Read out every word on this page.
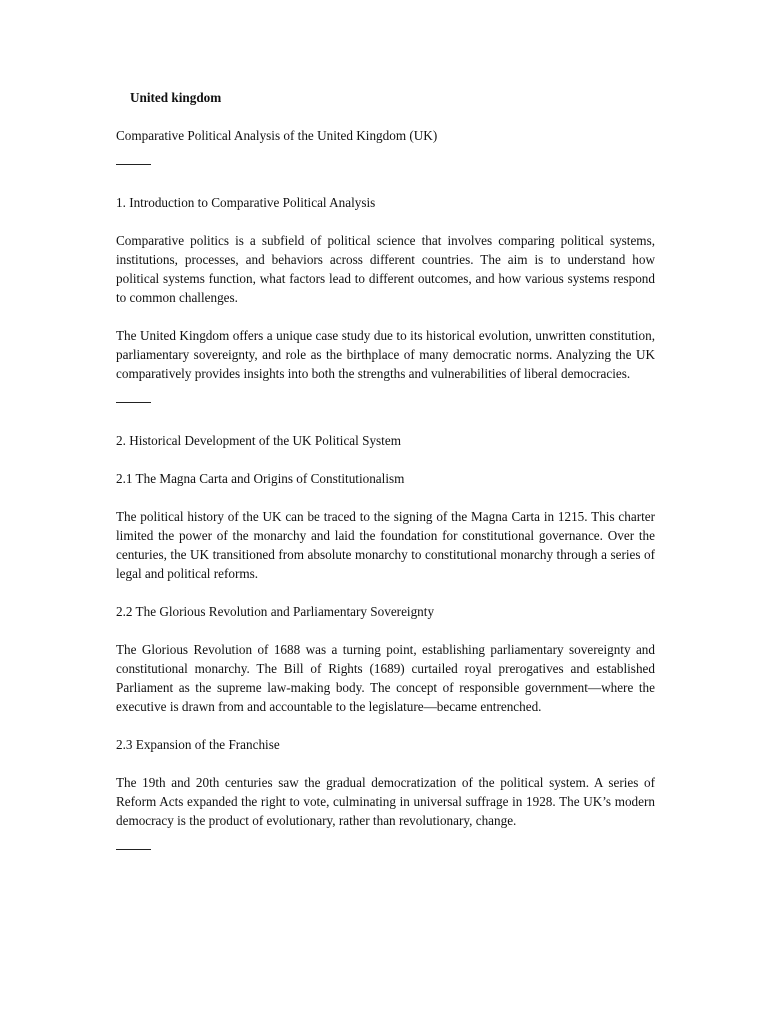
United kingdom
Comparative Political Analysis of the United Kingdom (UK)
1. Introduction to Comparative Political Analysis
Comparative politics is a subfield of political science that involves comparing political systems, institutions, processes, and behaviors across different countries. The aim is to understand how political systems function, what factors lead to different outcomes, and how various systems respond to common challenges.
The United Kingdom offers a unique case study due to its historical evolution, unwritten constitution, parliamentary sovereignty, and role as the birthplace of many democratic norms. Analyzing the UK comparatively provides insights into both the strengths and vulnerabilities of liberal democracies.
2. Historical Development of the UK Political System
2.1 The Magna Carta and Origins of Constitutionalism
The political history of the UK can be traced to the signing of the Magna Carta in 1215. This charter limited the power of the monarchy and laid the foundation for constitutional governance. Over the centuries, the UK transitioned from absolute monarchy to constitutional monarchy through a series of legal and political reforms.
2.2 The Glorious Revolution and Parliamentary Sovereignty
The Glorious Revolution of 1688 was a turning point, establishing parliamentary sovereignty and constitutional monarchy. The Bill of Rights (1689) curtailed royal prerogatives and established Parliament as the supreme law-making body. The concept of responsible government—where the executive is drawn from and accountable to the legislature—became entrenched.
2.3 Expansion of the Franchise
The 19th and 20th centuries saw the gradual democratization of the political system. A series of Reform Acts expanded the right to vote, culminating in universal suffrage in 1928. The UK’s modern democracy is the product of evolutionary, rather than revolutionary, change.
